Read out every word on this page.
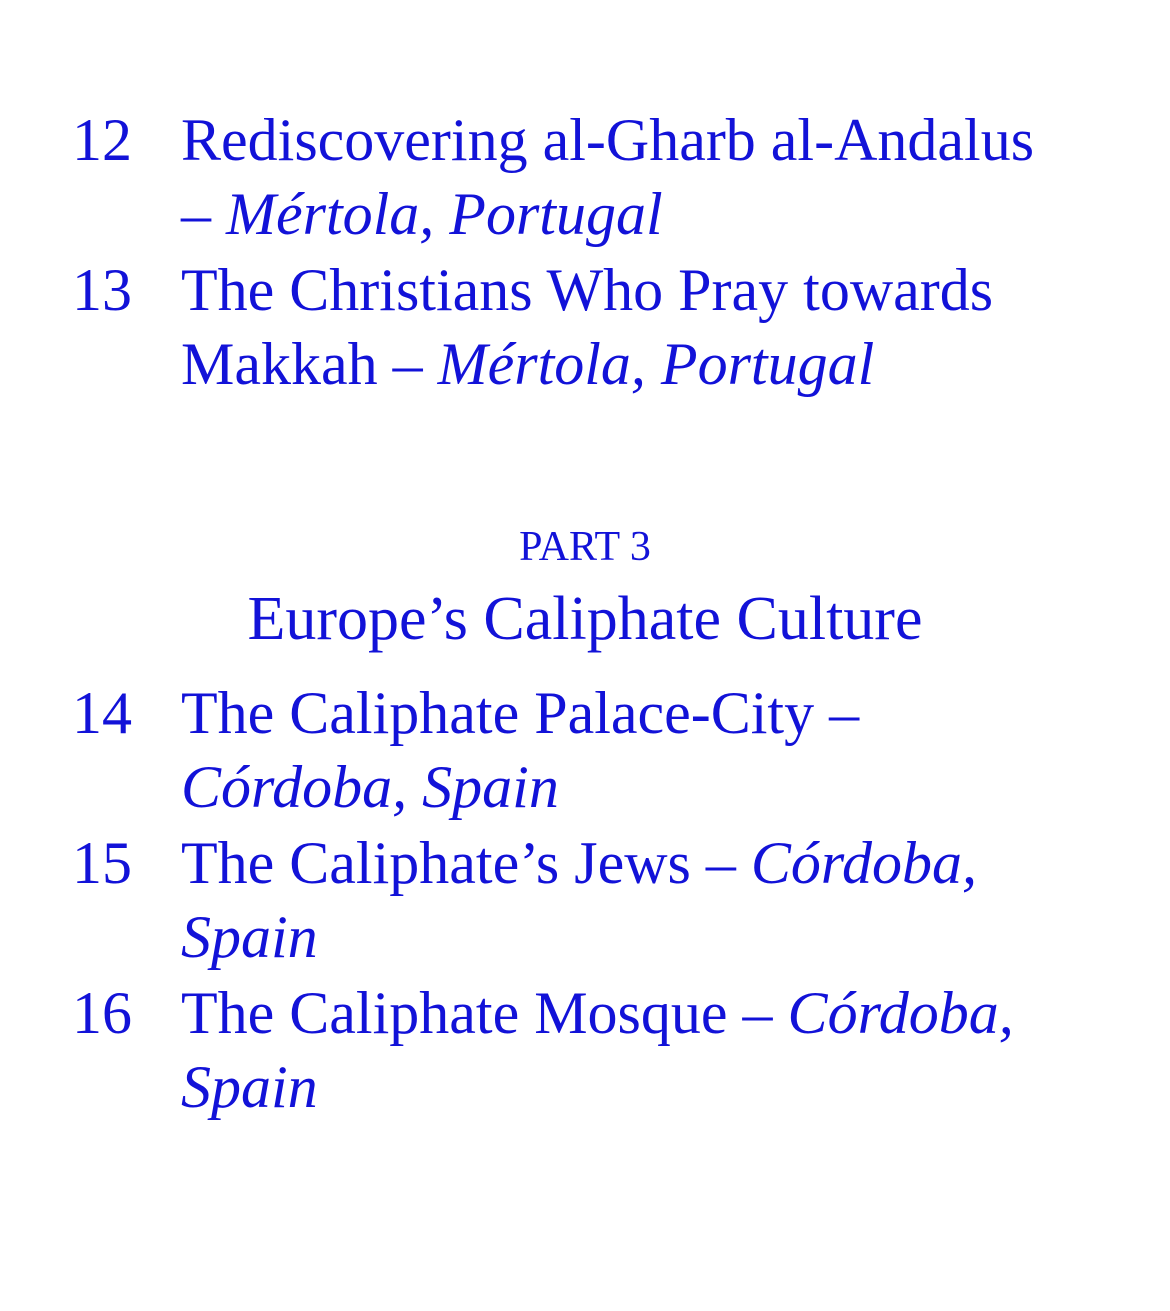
12 Rediscovering al-Gharb al-Andalus
– Mértola, Portugal
13 The Christians Who Pray towards
Makkah – Mértola, Portugal
PART 3
Europe’s Caliphate Culture
14 The Caliphate Palace-City –
Córdoba, Spain
15 The Caliphate’s Jews – Córdoba,
Spain
16 The Caliphate Mosque – Córdoba,
Spain
